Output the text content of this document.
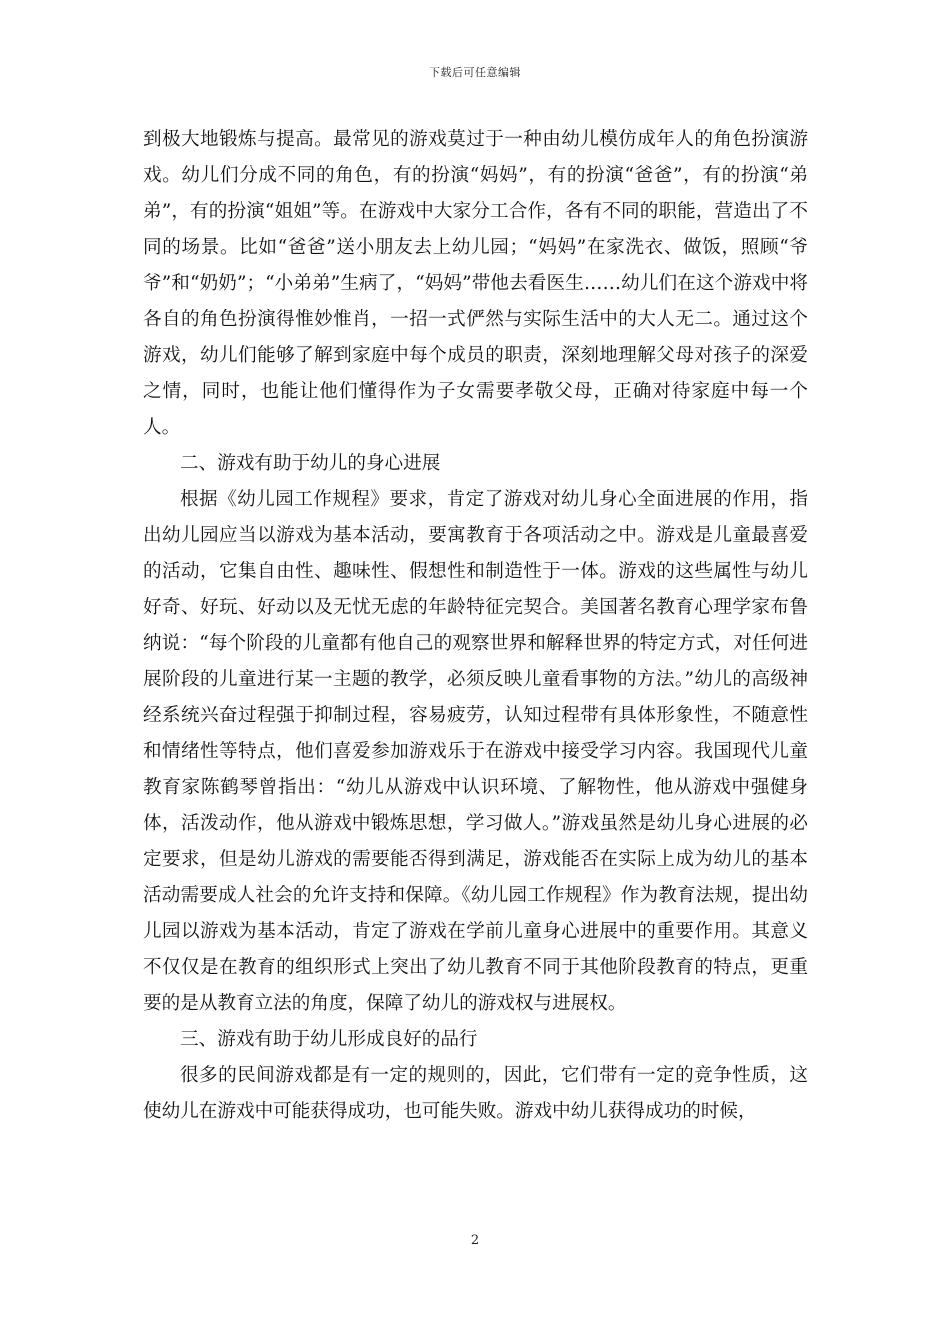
下载后可任意编辑

到极大地锻炼与提高。最常见的游戏莫过于一种由幼儿模仿成年人的角色扮演游戏。幼儿们分成不同的角色，有的扮演“妈妈”，有的扮演“爸爸”，有的扮演“弟弟”，有的扮演“姐姐”等。在游戏中大家分工合作，各有不同的职能，营造出了不同的场景。比如“爸爸”送小朋友去上幼儿园；“妈妈”在家洗衣、做饭，照顾“爷爷”和“奶奶”；“小弟弟”生病了，“妈妈”带他去看医生……幼儿们在这个游戏中将各自的角色扮演得惟妙惟肖，一招一式俨然与实际生活中的大人无二。通过这个游戏，幼儿们能够了解到家庭中每个成员的职责，深刻地理解父母对孩子的深爱之情，同时，也能让他们懂得作为子女需要孝敬父母，正确对待家庭中每一个人。

二、游戏有助于幼儿的身心进展

根据《幼儿园工作规程》要求，肯定了游戏对幼儿身心全面进展的作用，指出幼儿园应当以游戏为基本活动，要寓教育于各项活动之中。游戏是儿童最喜爱的活动，它集自由性、趣味性、假想性和制造性于一体。游戏的这些属性与幼儿好奇、好玩、好动以及无忧无虑的年龄特征完契合。美国著名教育心理学家布鲁纳说：“每个阶段的儿童都有他自己的观察世界和解释世界的特定方式，对任何进展阶段的儿童进行某一主题的教学，必须反映儿童看事物的方法。”幼儿的高级神经系统兴奋过程强于抑制过程，容易疲劳，认知过程带有具体形象性，不随意性和情绪性等特点，他们喜爱参加游戏乐于在游戏中接受学习内容。我国现代儿童教育家陈鹤琴曾指出：“幼儿从游戏中认识环境、了解物性，他从游戏中强健身体，活泼动作，他从游戏中锻炼思想，学习做人。”游戏虽然是幼儿身心进展的必定要求，但是幼儿游戏的需要能否得到满足，游戏能否在实际上成为幼儿的基本活动需要成人社会的允许支持和保障。《幼儿园工作规程》作为教育法规，提出幼儿园以游戏为基本活动，肯定了游戏在学前儿童身心进展中的重要作用。其意义不仅仅是在教育的组织形式上突出了幼儿教育不同于其他阶段教育的特点，更重要的是从教育立法的角度，保障了幼儿的游戏权与进展权。

三、游戏有助于幼儿形成良好的品行

很多的民间游戏都是有一定的规则的，因此，它们带有一定的竞争性质，这使幼儿在游戏中可能获得成功，也可能失败。游戏中幼儿获得成功的时候，

2
